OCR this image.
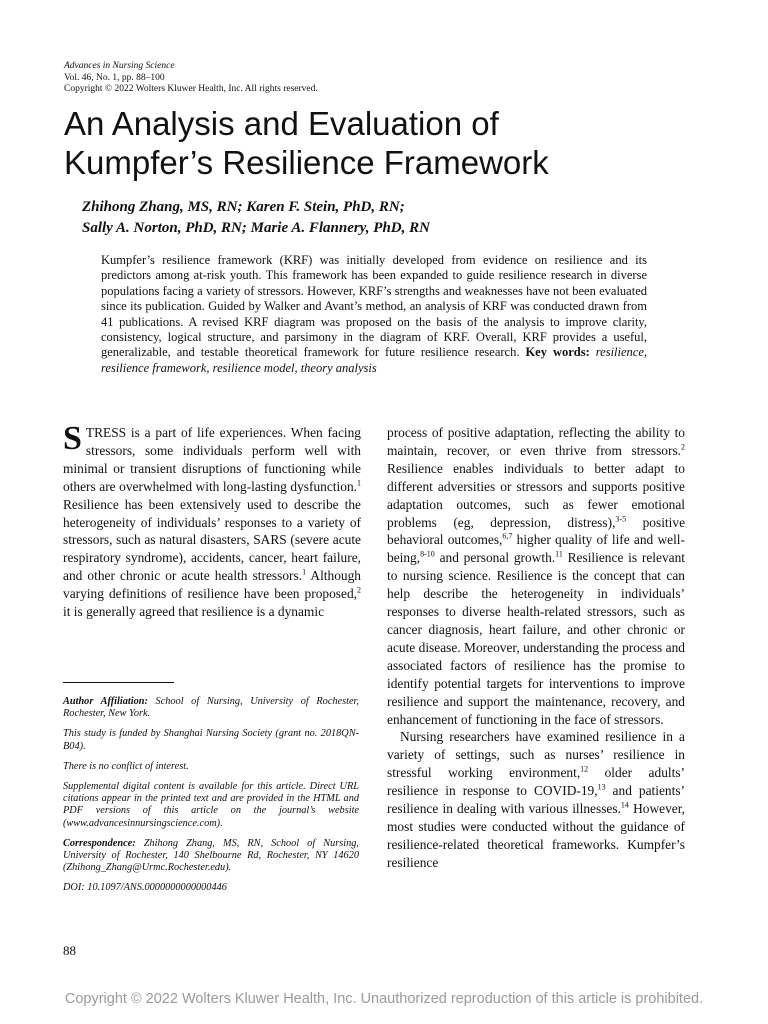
Advances in Nursing Science
Vol. 46, No. 1, pp. 88–100
Copyright © 2022 Wolters Kluwer Health, Inc. All rights reserved.
An Analysis and Evaluation of
Kumpfer’s Resilience Framework
Zhihong Zhang, MS, RN; Karen F. Stein, PhD, RN;
Sally A. Norton, PhD, RN; Marie A. Flannery, PhD, RN
Kumpfer’s resilience framework (KRF) was initially developed from evidence on resilience and its predictors among at-risk youth. This framework has been expanded to guide resilience research in diverse populations facing a variety of stressors. However, KRF’s strengths and weaknesses have not been evaluated since its publication. Guided by Walker and Avant’s method, an analysis of KRF was conducted drawn from 41 publications. A revised KRF diagram was proposed on the basis of the analysis to improve clarity, consistency, logical structure, and parsimony in the diagram of KRF. Overall, KRF provides a useful, generalizable, and testable theoretical framework for future resilience research. Key words: resilience, resilience framework, resilience model, theory analysis

STRESS is a part of life experiences. When facing stressors, some individuals perform well with minimal or transient disruptions of functioning while others are overwhelmed with long-lasting dysfunction.$^1$ Resilience has been extensively used to describe the heterogeneity of individuals’ responses to a variety of stressors, such as natural disasters, SARS (severe acute respiratory syndrome), accidents, cancer, heart failure, and other chronic or acute health stressors.$^1$ Although varying definitions of resilience have been proposed,$^2$ it is generally agreed that resilience is a dynamic

Author Affiliation: School of Nursing, University of Rochester, Rochester, New York.

This study is funded by Shanghai Nursing Society (grant no. 2018QN-B04).

There is no conflict of interest.

Supplemental digital content is available for this article. Direct URL citations appear in the printed text and are provided in the HTML and PDF versions of this article on the journal’s website (www.advancesinnursingscience.com).

Correspondence: Zhihong Zhang, MS, RN, School of Nursing, University of Rochester, 140 Shelbourne Rd, Rochester, NY 14620 (Zhihong_Zhang@Urmc.Rochester.edu).

DOI: 10.1097/ANS.0000000000000446

process of positive adaptation, reflecting the ability to maintain, recover, or even thrive from stressors.$^2$ Resilience enables individuals to better adapt to different adversities or stressors and supports positive adaptation outcomes, such as fewer emotional problems (eg, depression, distress),$^{3-5}$ positive behavioral outcomes,$^{6,7}$ higher quality of life and well-being,$^{8-10}$ and personal growth.$^{11}$ Resilience is relevant to nursing science. Resilience is the concept that can help describe the heterogeneity in individuals’ responses to diverse health-related stressors, such as cancer diagnosis, heart failure, and other chronic or acute disease. Moreover, understanding the process and associated factors of resilience has the promise to identify potential targets for interventions to improve resilience and support the maintenance, recovery, and enhancement of functioning in the face of stressors.

Nursing researchers have examined resilience in a variety of settings, such as nurses’ resilience in stressful working environment,$^{12}$ older adults’ resilience in response to COVID-19,13 and patients’ resilience in dealing with various illnesses.$^{14}$ However, most studies were conducted without the guidance of resilience-related theoretical frameworks. Kumpfer’s resilience

88
Copyright © 2022 Wolters Kluwer Health, Inc. Unauthorized reproduction of this article is prohibited.
